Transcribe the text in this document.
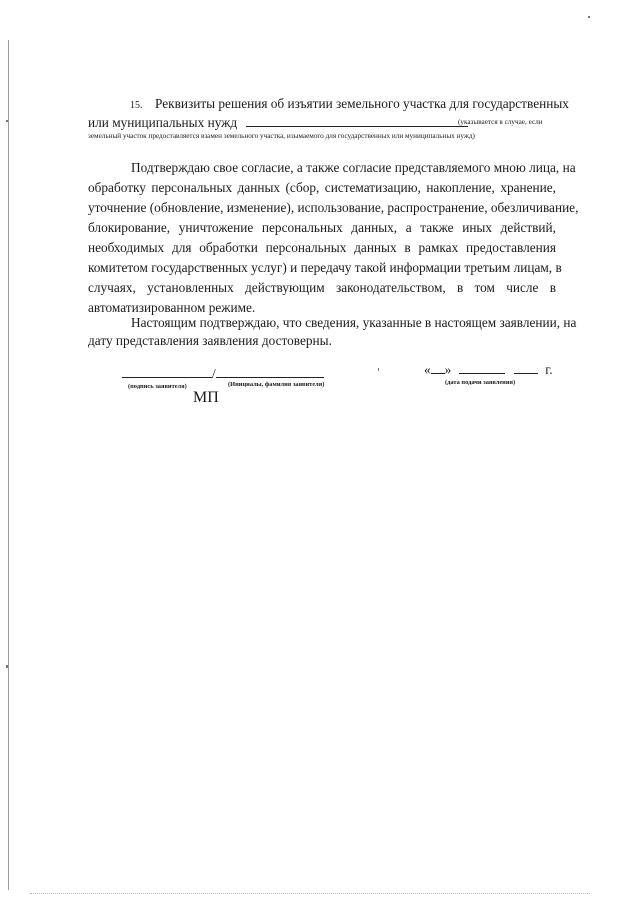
15. Реквизиты решения об изъятии земельного участка для государственных
или муниципальных нужд	(указывается в случае, если
земельный участок предоставляется взамен земельного участка, изымаемого для государственных или муниципальных нужд)
Подтверждаю свое согласие, а также согласие представляемого мною лица, на
обработку персональных данных (сбор, систематизацию, накопление, хранение,
уточнение (обновление, изменение), использование, распространение, обезличивание,
блокирование, уничтожение персональных данных, а также иных действий,
необходимых для обработки персональных данных в рамках предоставления
комитетом государственных услуг) и передачу такой информации третьим лицам, в
случаях, установленных действующим законодательством, в том числе в
автоматизированном режиме.
Настоящим подтверждаю, что сведения, указанные в настоящем заявлении, на
дату представления заявления достоверны.
/
(подпись заявителя)	(Инициалы, фамилия заявителя)
МП
« »	г.
(дата подачи заявления)
